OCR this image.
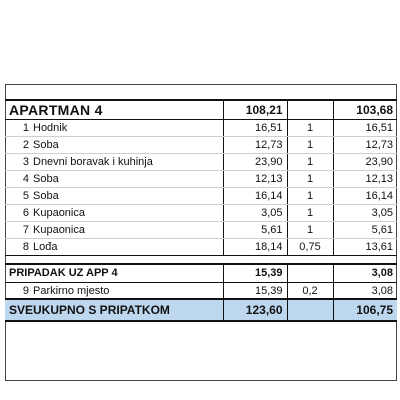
APARTMAN 4	108,21		103,68
1 Hodnik	16,51	1	16,51
2 Soba	12,73	1	12,73
3 Dnevni boravak i kuhinja	23,90	1	23,90
4 Soba	12,13	1	12,13
5 Soba	16,14	1	16,14
6 Kupaonica	3,05	1	3,05
7 Kupaonica	5,61	1	5,61
8 Lođa	18,14	0,75	13,61
PRIPADAK UZ APP 4	15,39		3,08
9 Parkirno mjesto	15,39	0,2	3,08
SVEUKUPNO S PRIPATKOM	123,60		106,75
